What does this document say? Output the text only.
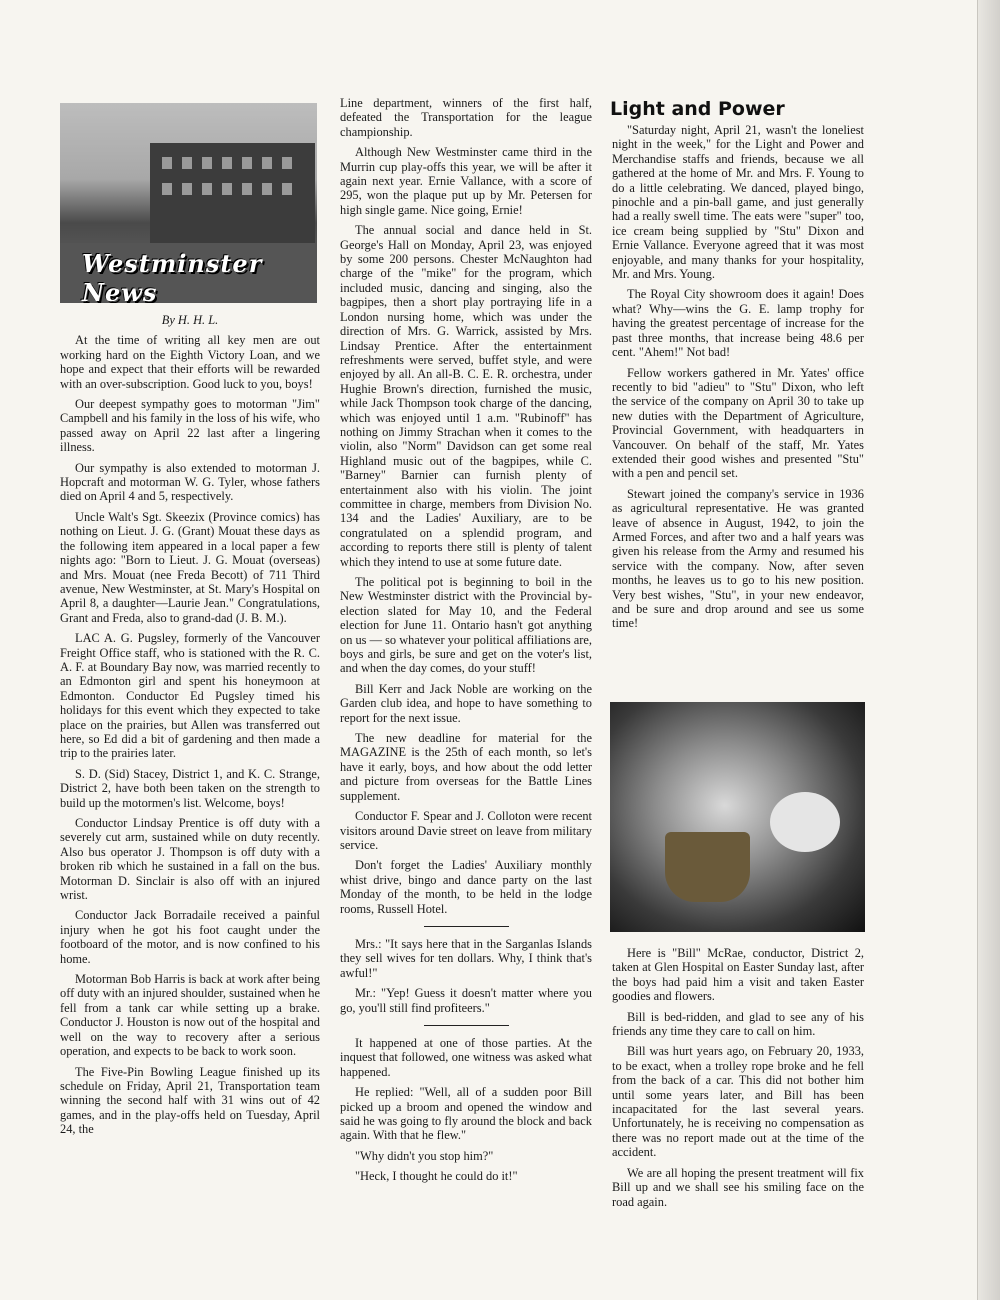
Westminster News

By H. H. L.

At the time of writing all key men are out working hard on the Eighth Victory Loan, and we hope and expect that their efforts will be rewarded with an over-subscription. Good luck to you, boys!

Our deepest sympathy goes to motorman "Jim" Campbell and his family in the loss of his wife, who passed away on April 22 last after a lingering illness.

Our sympathy is also extended to motorman J. Hopcraft and motorman W. G. Tyler, whose fathers died on April 4 and 5, respectively.

Uncle Walt's Sgt. Skeezix (Province comics) has nothing on Lieut. J. G. (Grant) Mouat these days as the following item appeared in a local paper a few nights ago: "Born to Lieut. J. G. Mouat (overseas) and Mrs. Mouat (nee Freda Becott) of 711 Third avenue, New Westminster, at St. Mary's Hospital on April 8, a daughter—Laurie Jean." Congratulations, Grant and Freda, also to grand-dad (J. B. M.).

LAC A. G. Pugsley, formerly of the Vancouver Freight Office staff, who is stationed with the R. C. A. F. at Boundary Bay now, was married recently to an Edmonton girl and spent his honeymoon at Edmonton. Conductor Ed Pugsley timed his holidays for this event which they expected to take place on the prairies, but Allen was transferred out here, so Ed did a bit of gardening and then made a trip to the prairies later.

S. D. (Sid) Stacey, District 1, and K. C. Strange, District 2, have both been taken on the strength to build up the motormen's list. Welcome, boys!

Conductor Lindsay Prentice is off duty with a severely cut arm, sustained while on duty recently. Also bus operator J. Thompson is off duty with a broken rib which he sustained in a fall on the bus. Motorman D. Sinclair is also off with an injured wrist.

Conductor Jack Borradaile received a painful injury when he got his foot caught under the footboard of the motor, and is now confined to his home.

Motorman Bob Harris is back at work after being off duty with an injured shoulder, sustained when he fell from a tank car while setting up a brake. Conductor J. Houston is now out of the hospital and well on the way to recovery after a serious operation, and expects to be back to work soon.

The Five-Pin Bowling League finished up its schedule on Friday, April 21, Transportation team winning the second half with 31 wins out of 42 games, and in the play-offs held on Tuesday, April 24, the

Line department, winners of the first half, defeated the Transportation for the league championship.

Although New Westminster came third in the Murrin cup play-offs this year, we will be after it again next year. Ernie Vallance, with a score of 295, won the plaque put up by Mr. Petersen for high single game. Nice going, Ernie!

The annual social and dance held in St. George's Hall on Monday, April 23, was enjoyed by some 200 persons. Chester McNaughton had charge of the "mike" for the program, which included music, dancing and singing, also the bagpipes, then a short play portraying life in a London nursing home, which was under the direction of Mrs. G. Warrick, assisted by Mrs. Lindsay Prentice. After the entertainment refreshments were served, buffet style, and were enjoyed by all. An all-B. C. E. R. orchestra, under Hughie Brown's direction, furnished the music, while Jack Thompson took charge of the dancing, which was enjoyed until 1 a.m. "Rubinoff" has nothing on Jimmy Strachan when it comes to the violin, also "Norm" Davidson can get some real Highland music out of the bagpipes, while C. "Barney" Barnier can furnish plenty of entertainment also with his violin. The joint committee in charge, members from Division No. 134 and the Ladies' Auxiliary, are to be congratulated on a splendid program, and according to reports there still is plenty of talent which they intend to use at some future date.

The political pot is beginning to boil in the New Westminster district with the Provincial by-election slated for May 10, and the Federal election for June 11. Ontario hasn't got anything on us — so whatever your political affiliations are, boys and girls, be sure and get on the voter's list, and when the day comes, do your stuff!

Bill Kerr and Jack Noble are working on the Garden club idea, and hope to have something to report for the next issue.

The new deadline for material for the MAGAZINE is the 25th of each month, so let's have it early, boys, and how about the odd letter and picture from overseas for the Battle Lines supplement.

Conductor F. Spear and J. Colloton were recent visitors around Davie street on leave from military service.

Don't forget the Ladies' Auxiliary monthly whist drive, bingo and dance party on the last Monday of the month, to be held in the lodge rooms, Russell Hotel.

Mrs.: "It says here that in the Sarganlas Islands they sell wives for ten dollars. Why, I think that's awful!"

Mr.: "Yep! Guess it doesn't matter where you go, you'll still find profiteers."

It happened at one of those parties. At the inquest that followed, one witness was asked what happened.

He replied: "Well, all of a sudden poor Bill picked up a broom and opened the window and said he was going to fly around the block and back again. With that he flew."

"Why didn't you stop him?"

"Heck, I thought he could do it!"

Light and Power

"Saturday night, April 21, wasn't the loneliest night in the week," for the Light and Power and Merchandise staffs and friends, because we all gathered at the home of Mr. and Mrs. F. Young to do a little celebrating. We danced, played bingo, pinochle and a pin-ball game, and just generally had a really swell time. The eats were "super" too, ice cream being supplied by "Stu" Dixon and Ernie Vallance. Everyone agreed that it was most enjoyable, and many thanks for your hospitality, Mr. and Mrs. Young.

The Royal City showroom does it again! Does what? Why—wins the G. E. lamp trophy for having the greatest percentage of increase for the past three months, that increase being 48.6 per cent. "Ahem!" Not bad!

Fellow workers gathered in Mr. Yates' office recently to bid "adieu" to "Stu" Dixon, who left the service of the company on April 30 to take up new duties with the Department of Agriculture, Provincial Government, with headquarters in Vancouver. On behalf of the staff, Mr. Yates extended their good wishes and presented "Stu" with a pen and pencil set.

Stewart joined the company's service in 1936 as agricultural representative. He was granted leave of absence in August, 1942, to join the Armed Forces, and after two and a half years was given his release from the Army and resumed his service with the company. Now, after seven months, he leaves us to go to his new position. Very best wishes, "Stu", in your new endeavor, and be sure and drop around and see us some time!

Here is "Bill" McRae, conductor, District 2, taken at Glen Hospital on Easter Sunday last, after the boys had paid him a visit and taken Easter goodies and flowers.

Bill is bed-ridden, and glad to see any of his friends any time they care to call on him.

Bill was hurt years ago, on February 20, 1933, to be exact, when a trolley rope broke and he fell from the back of a car. This did not bother him until some years later, and Bill has been incapacitated for the last several years. Unfortunately, he is receiving no compensation as there was no report made out at the time of the accident.

We are all hoping the present treatment will fix Bill up and we shall see his smiling face on the road again.
